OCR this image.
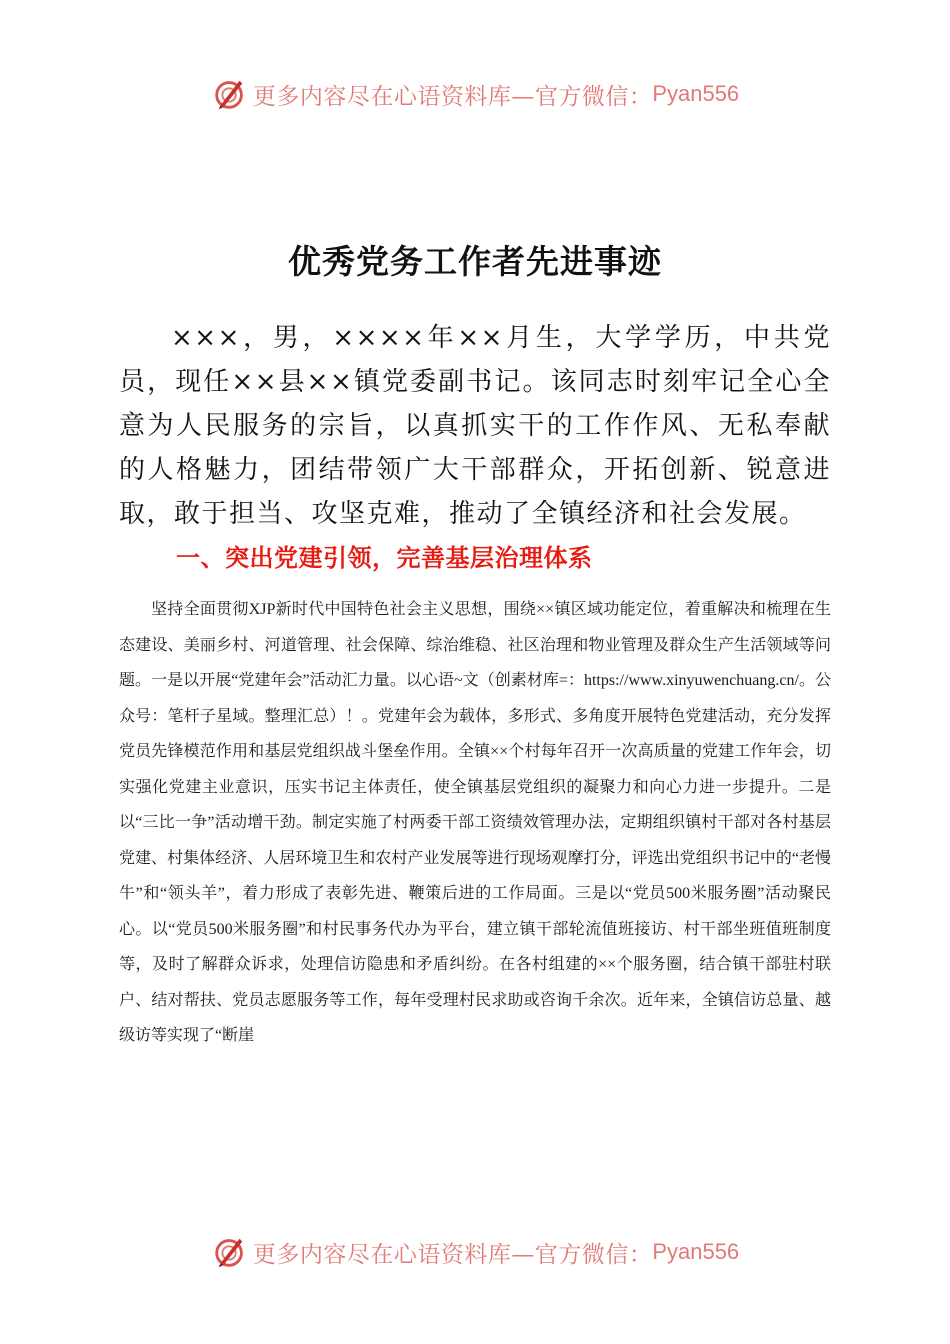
更多内容尽在心语资料库—官方微信： Pyan556
优秀党务工作者先进事迹

×××，男，××××年××月生，大学学历，中共党员，现任××县××镇党委副书记。该同志时刻牢记全心全意为人民服务的宗旨，以真抓实干的工作作风、无私奉献的人格魅力，团结带领广大干部群众，开拓创新、锐意进取，敢于担当、攻坚克难，推动了全镇经济和社会发展。

一、突出党建引领，完善基层治理体系

坚持全面贯彻XJP新时代中国特色社会主义思想，围绕××镇区域功能定位，着重解决和梳理在生态建设、美丽乡村、河道管理、社会保障、综治维稳、社区治理和物业管理及群众生产生活领域等问题。一是以开展“党建年会”活动汇力量。以心语~文（创素材库=：https://www.xinyuwenchuang.cn/。公众号：笔杆子星域。整理汇总）！。党建年会为载体，多形式、多角度开展特色党建活动，充分发挥党员先锋模范作用和基层党组织战斗堡垒作用。全镇××个村每年召开一次高质量的党建工作年会，切实强化党建主业意识，压实书记主体责任，使全镇基层党组织的凝聚力和向心力进一步提升。二是以“三比一争”活动增干劲。制定实施了村两委干部工资绩效管理办法，定期组织镇村干部对各村基层党建、村集体经济、人居环境卫生和农村产业发展等进行现场观摩打分，评选出党组织书记中的“老慢牛”和“领头羊”，着力形成了表彰先进、鞭策后进的工作局面。三是以“党员500米服务圈”活动聚民心。以“党员500米服务圈”和村民事务代办为平台，建立镇干部轮流值班接访、村干部坐班值班制度等，及时了解群众诉求，处理信访隐患和矛盾纠纷。在各村组建的××个服务圈，结合镇干部驻村联户、结对帮扶、党员志愿服务等工作，每年受理村民求助或咨询千余次。近年来，全镇信访总量、越级访等实现了“断崖

更多内容尽在心语资料库—官方微信： Pyan556
